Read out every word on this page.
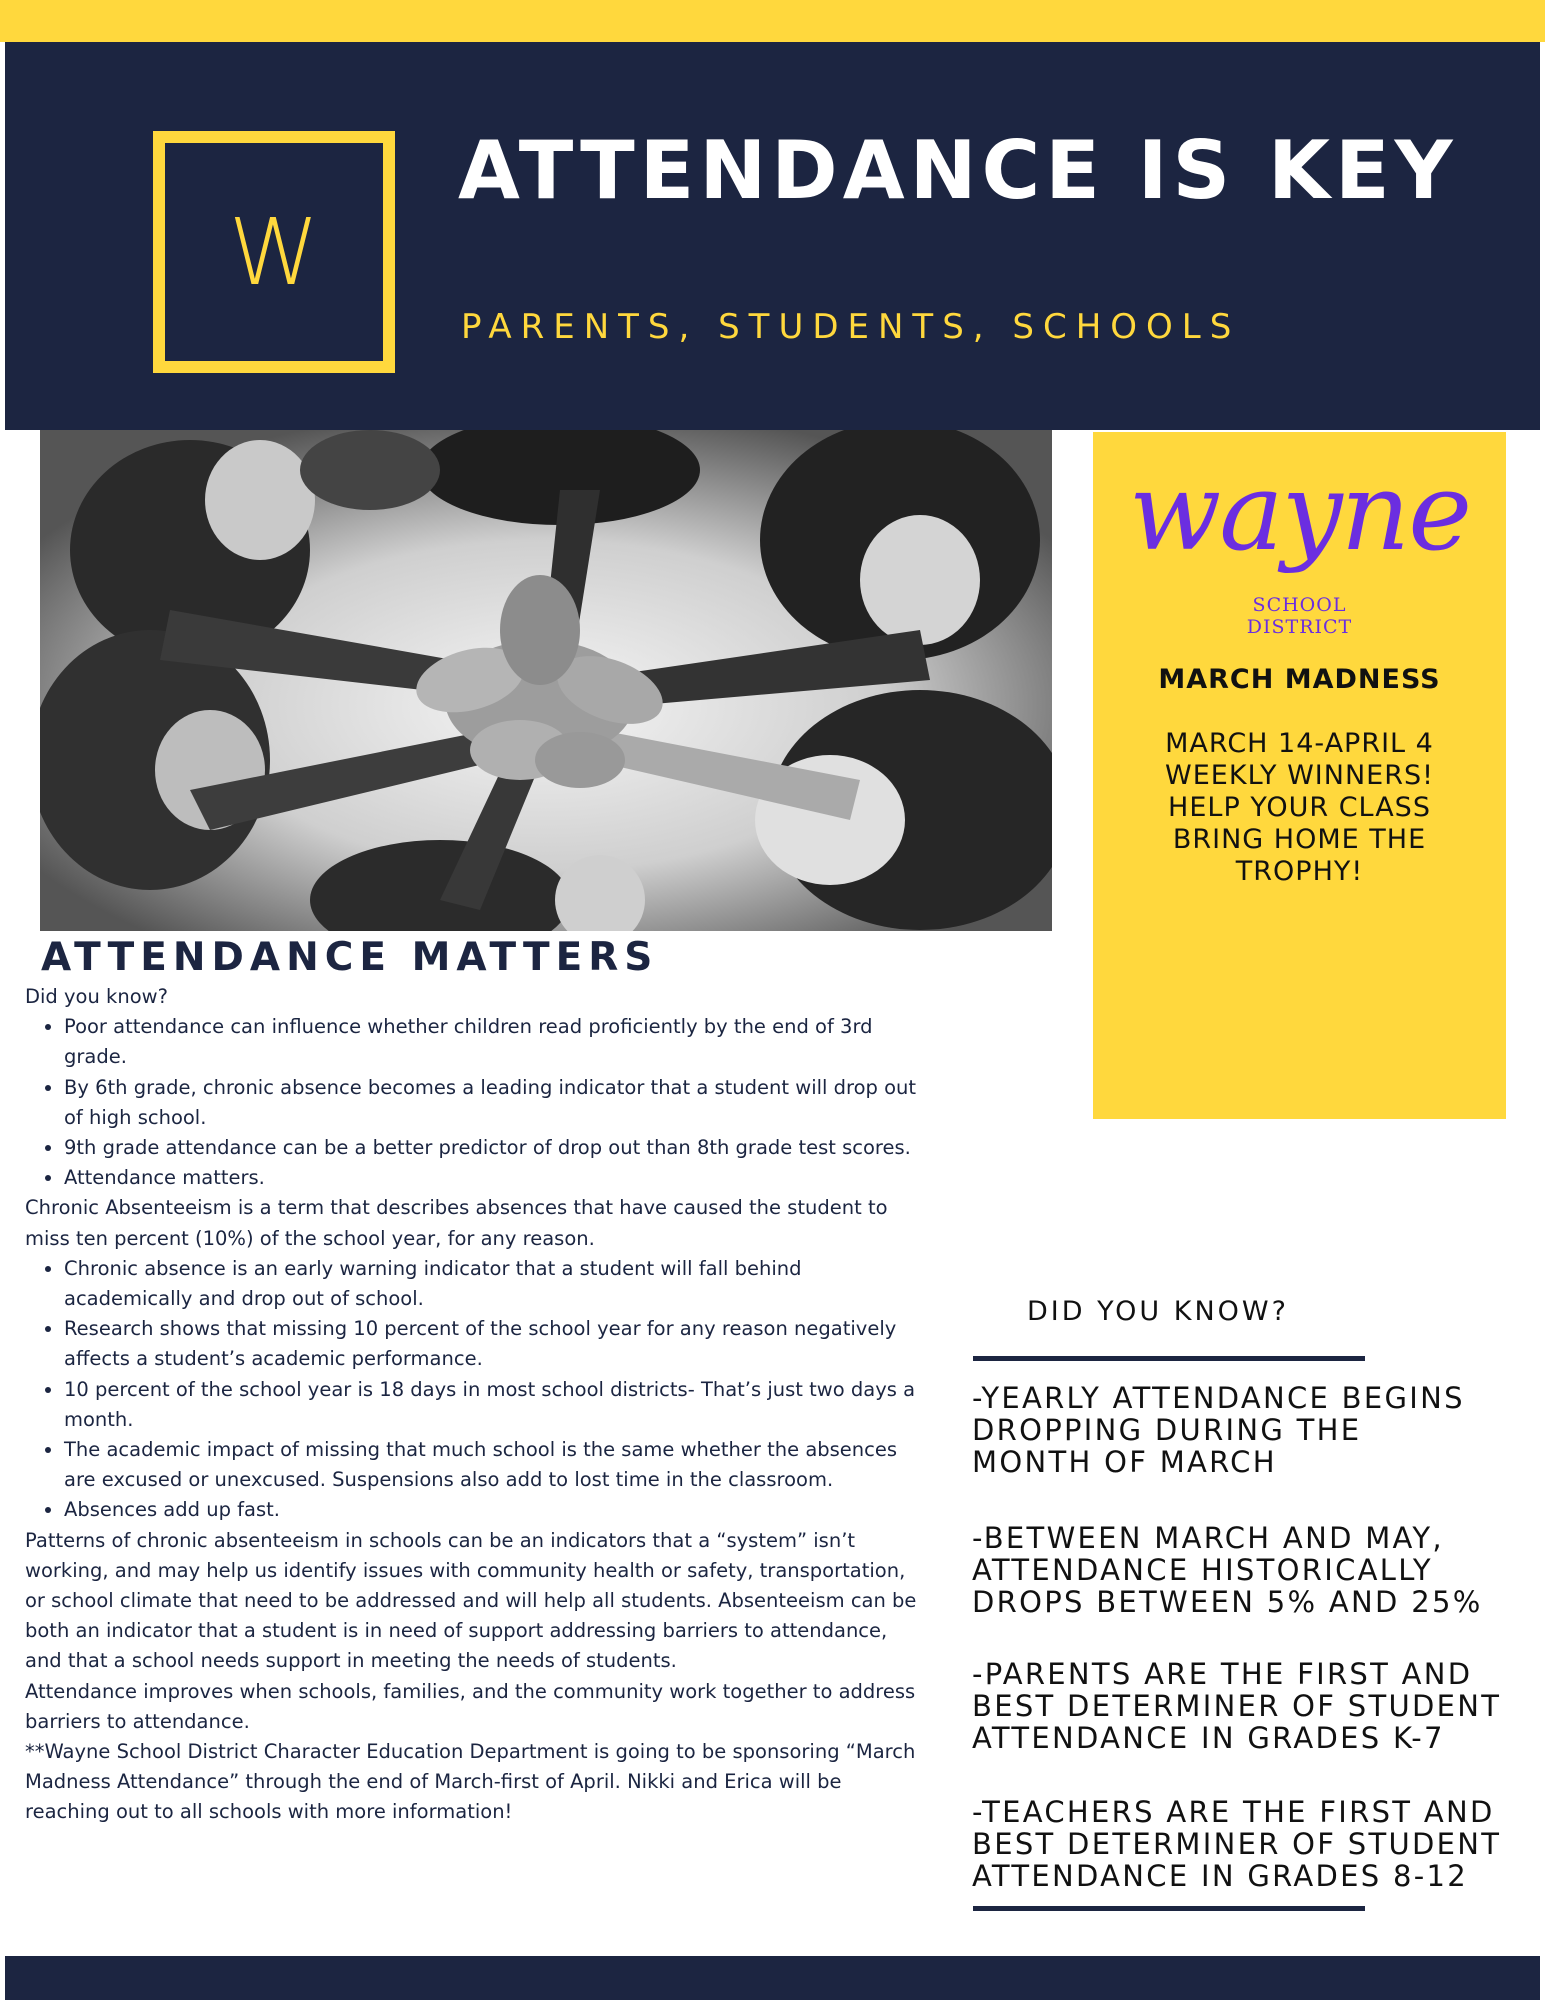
W
ATTENDANCE IS KEY
PARENTS, STUDENTS, SCHOOLS
wayne
SCHOOL
DISTRICT
MARCH MADNESS
MARCH 14-APRIL 4
WEEKLY WINNERS!
HELP YOUR CLASS
BRING HOME THE
TROPHY!
ATTENDANCE MATTERS

Did you know?

• Poor attendance can influence whether children read proficiently by the end of 3rd grade.
• By 6th grade, chronic absence becomes a leading indicator that a student will drop out of high school.
• 9th grade attendance can be a better predictor of drop out than 8th grade test scores.
• Attendance matters.

Chronic Absenteeism is a term that describes absences that have caused the student to miss ten percent (10%) of the school year, for any reason.

• Chronic absence is an early warning indicator that a student will fall behind academically and drop out of school.
• Research shows that missing 10 percent of the school year for any reason negatively affects a student’s academic performance.
• 10 percent of the school year is 18 days in most school districts- That’s just two days a month.
• The academic impact of missing that much school is the same whether the absences are excused or unexcused. Suspensions also add to lost time in the classroom.
• Absences add up fast.

Patterns of chronic absenteeism in schools can be an indicators that a “system” isn’t working, and may help us identify issues with community health or safety, transportation, or school climate that need to be addressed and will help all students. Absenteeism can be both an indicator that a student is in need of support addressing barriers to attendance, and that a school needs support in meeting the needs of students.

Attendance improves when schools, families, and the community work together to address barriers to attendance.

**Wayne School District Character Education Department is going to be sponsoring “March Madness Attendance” through the end of March-first of April. Nikki and Erica will be reaching out to all schools with more information!

DID YOU KNOW?
-YEARLY ATTENDANCE BEGINS
DROPPING DURING THE
MONTH OF MARCH
-BETWEEN MARCH AND MAY,
ATTENDANCE HISTORICALLY
DROPS BETWEEN 5% AND 25%
-PARENTS ARE THE FIRST AND
BEST DETERMINER OF STUDENT
ATTENDANCE IN GRADES K-7
-TEACHERS ARE THE FIRST AND
BEST DETERMINER OF STUDENT
ATTENDANCE IN GRADES 8-12
